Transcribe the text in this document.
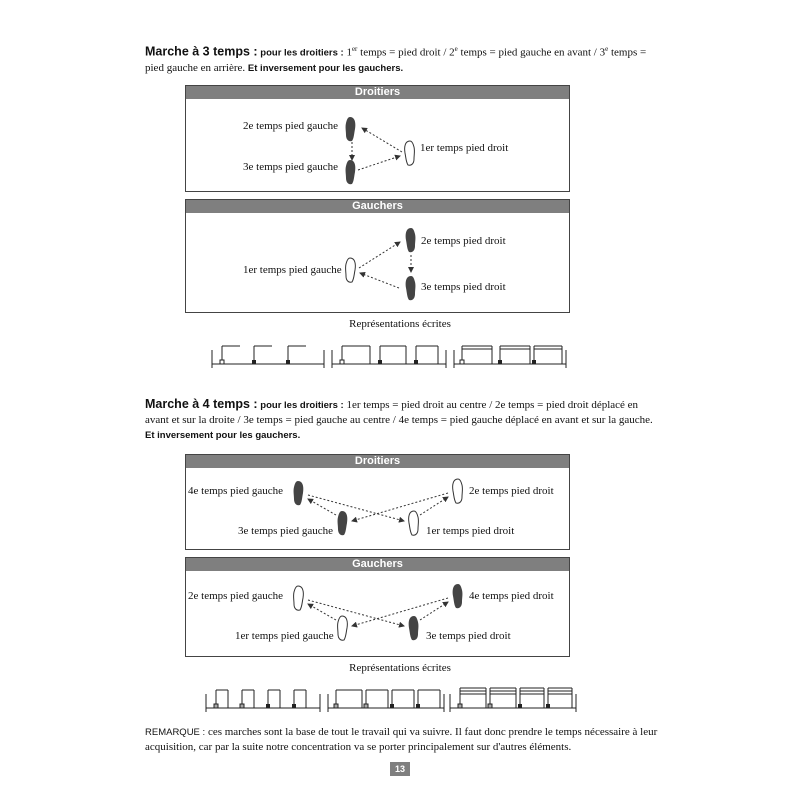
Marche à 3 temps : pour les droitiers : 1er temps = pied droit / 2e temps = pied gauche en avant / 3e temps = pied gauche en arrière. Et inversement pour les gauchers.
Droitiers
2e temps pied gauche
3e temps pied gauche
1er temps pied droit
Gauchers
2e temps pied droit
1er temps pied gauche
3e temps pied droit
Représentations écrites
Marche à 4 temps : pour les droitiers : 1er temps = pied droit au centre / 2e temps = pied droit déplacé en avant et sur la droite / 3e temps = pied gauche au centre / 4e temps = pied gauche déplacé en avant et sur la gauche. Et inversement pour les gauchers.
Droitiers
4e temps pied gauche	2e temps pied droit
3e temps pied gauche	1er temps pied droit
Gauchers
2e temps pied gauche	4e temps pied droit
1er temps pied gauche	3e temps pied droit
Représentations écrites
REMARQUE : ces marches sont la base de tout le travail qui va suivre. Il faut donc prendre le temps nécessaire à leur acquisition, car par la suite notre concentration va se porter principalement sur d'autres éléments.
13
